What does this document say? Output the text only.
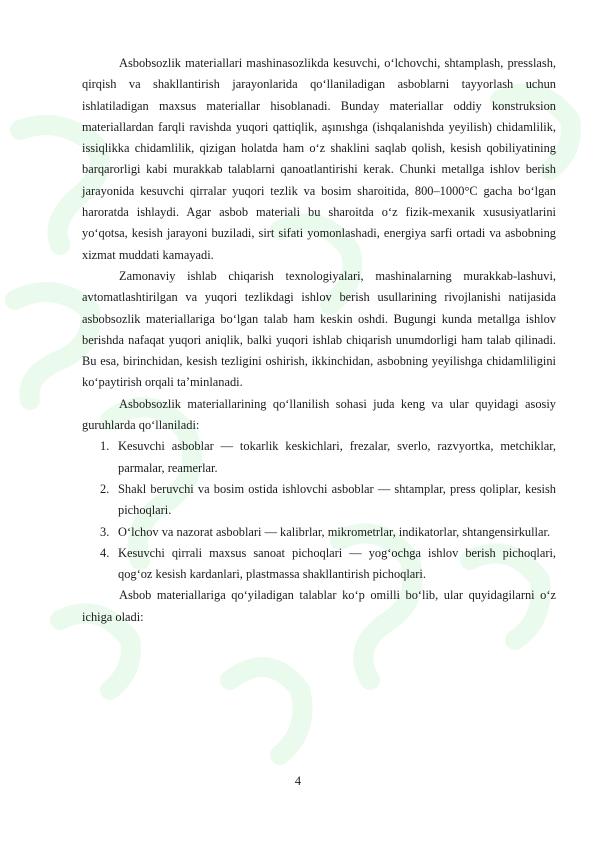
Asbobsozlik materiallari mashinasozlikda kesuvchi, o‘lchovchi, shtamplash, presslash, qirqish va shakllantirish jarayonlarida qo‘llaniladigan asboblarni tayyorlash uchun ishlatiladigan maxsus materiallar hisoblanadi. Bunday materiallar oddiy konstruksion materiallardan farqli ravishda yuqori qattiqlik, aşınıshga (ishqalanishda yeyilish) chidamlilik, issiqlikka chidamlilik, qizigan holatda ham o‘z shaklini saqlab qolish, kesish qobiliyatining barqarorligi kabi murakkab talablarni qanoatlantirishi kerak. Chunki metallga ishlov berish jarayonida kesuvchi qirralar yuqori tezlik va bosim sharoitida, 800–1000°C gacha bo‘lgan haroratda ishlaydi. Agar asbob materiali bu sharoitda o‘z fizik-mexanik xususiyatlarini yo‘qotsa, kesish jarayoni buziladi, sirt sifati yomonlashadi, energiya sarfi ortadi va asbobning xizmat muddati kamayadi.

Zamonaviy ishlab chiqarish texnologiyalari, mashinalarning murakkab-lashuvi, avtomatlashtirilgan va yuqori tezlikdagi ishlov berish usullarining rivojlanishi natijasida asbobsozlik materiallariga bo‘lgan talab ham keskin oshdi. Bugungi kunda metallga ishlov berishda nafaqat yuqori aniqlik, balki yuqori ishlab chiqarish unumdorligi ham talab qilinadi. Bu esa, birinchidan, kesish tezligini oshirish, ikkinchidan, asbobning yeyilishga chidamliligini ko‘paytirish orqali ta’minlanadi.

Asbobsozlik materiallarining qo‘llanilish sohasi juda keng va ular quyidagi asosiy guruhlarda qo‘llaniladi:

1. Kesuvchi asboblar — tokarlik keskichlari, frezalar, sverlo, razvyortka, metchiklar, parmalar, reamerlar.
2. Shakl beruvchi va bosim ostida ishlovchi asboblar — shtamplar, press qoliplar, kesish pichoqlari.
3. O‘lchov va nazorat asboblari — kalibrlar, mikrometrlar, indikatorlar, shtangensirkullar.
4. Kesuvchi qirrali maxsus sanoat pichoqlari — yog‘ochga ishlov berish pichoqlari, qog‘oz kesish kardanlari, plastmassa shakllantirish pichoqlari.

Asbob materiallariga qo‘yiladigan talablar ko‘p omilli bo‘lib, ular quyidagilarni o‘z ichiga oladi:

4
